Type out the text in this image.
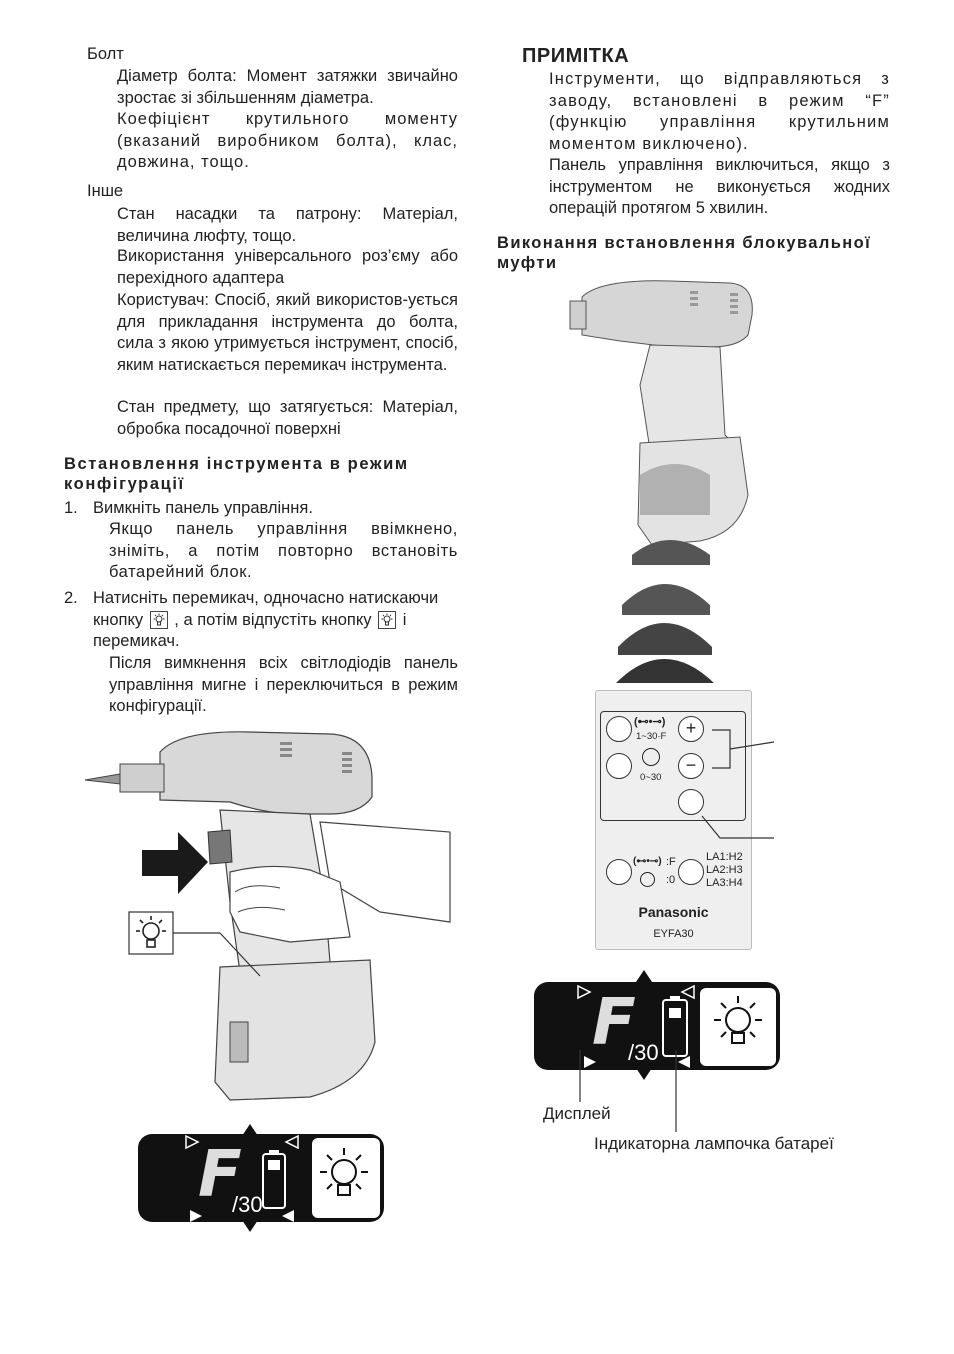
Болт
Діаметр болта: Момент затяжки звичайно зростає зі збільшенням діаметра.
Коефіцієнт крутильного моменту (вказаний виробником болта), клас, довжина, тощо.
Інше
Стан насадки та патрону: Матеріал, величина люфту, тощо.
Використання універсального роз’єму або перехідного адаптера
Користувач: Спосіб, який використов-ується для прикладання інструмента до болта, сила з якою утримується інструмент, спосіб, яким натискається перемикач інструмента.
Стан предмету, що затягується: Матеріал, обробка посадочної поверхні
Встановлення інструмента в режим конфігурації
1. Вимкніть панель управління.
Якщо панель управління ввімкнено, зніміть, а потім повторно встановіть батарейний блок.
2. Натисніть перемикач, одночасно натискаючи кнопку , а потім відпустіть кнопку і перемикач.
Після вимкнення всіх світлодіодів панель управління мигне і переключиться в режим конфігурації.
F
/30
ПРИМІТКА
Інструменти, що відправляються з заводу, встановлені в режим “F” (функцію управління крутильним моментом виключено).
Панель управління виключиться, якщо з інструментом не виконується жодних операцій протягом 5 хвилин.
Виконання встановлення блокувальної муфти
(⊷•⊸)
1~30·F	+
0~30
−
(⊷•⊸) :F
:0
LA1:H2
LA2:H3
LA3:H4
Panasonic
EYFA30
F
/30
Дисплей
Індикаторна лампочка батареї
